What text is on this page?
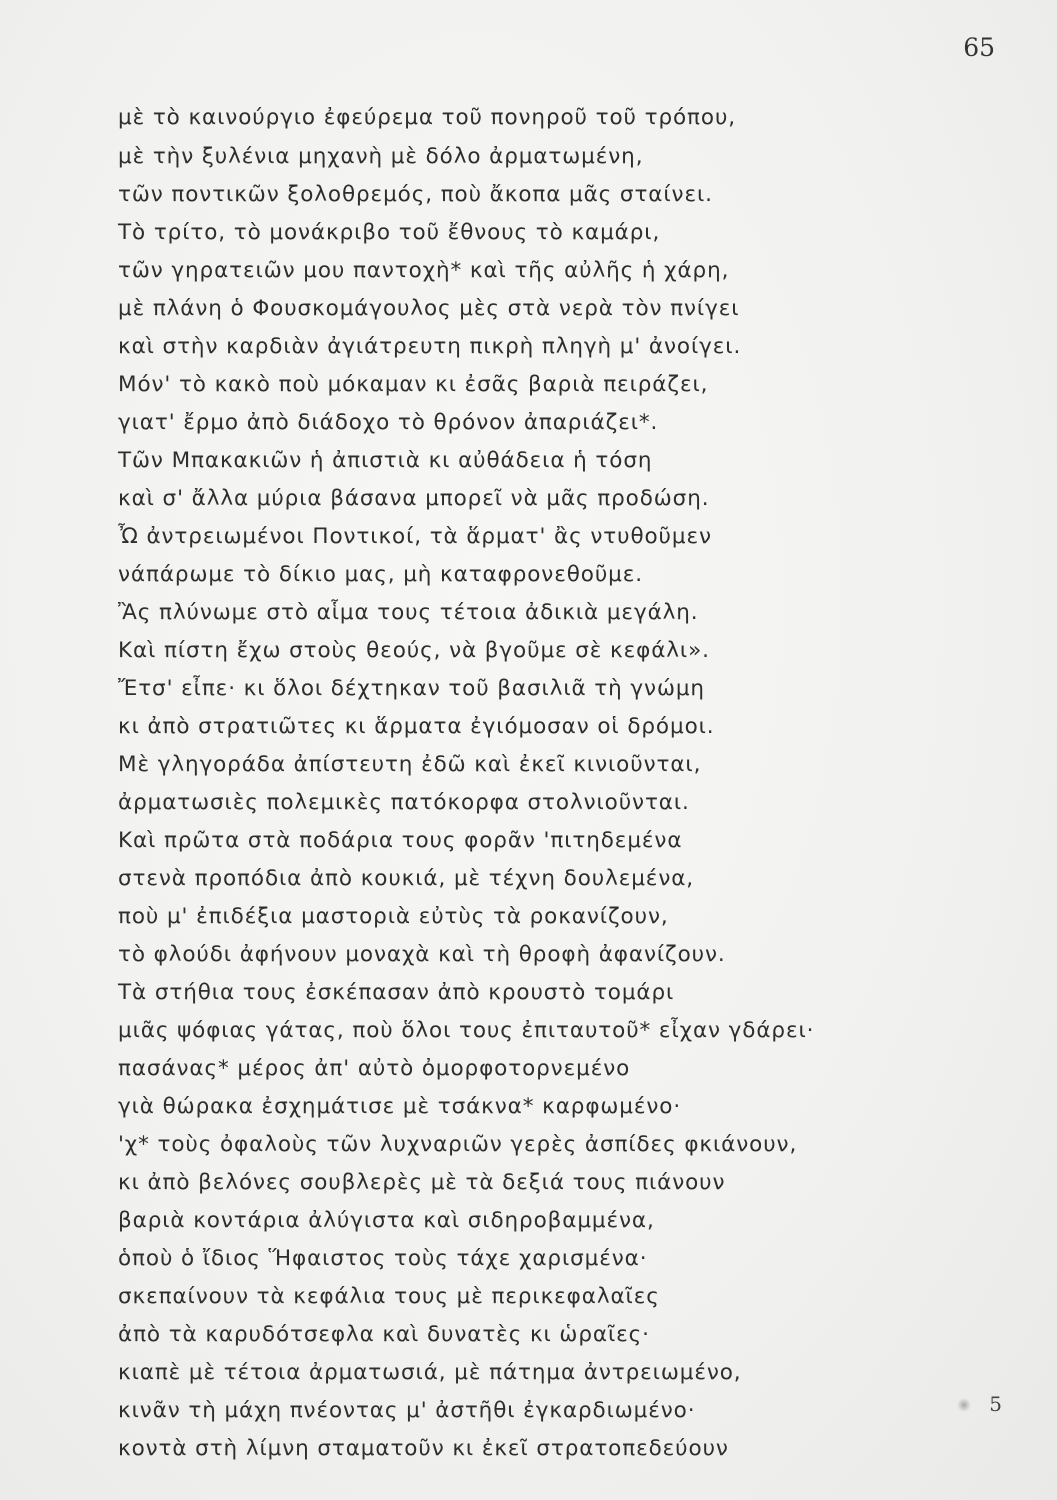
65
μὲ τὸ καινούργιο ἐφεύρεμα τοῦ πονηροῦ τοῦ τρόπου,
μὲ τὴν ξυλένια μηχανὴ μὲ δόλο ἀρματωμένη,
τῶν ποντικῶν ξολοθρεμός, ποὺ ἄκοπα μᾶς σταίνει.
Τὸ τρίτο, τὸ μονάκριβο τοῦ ἔθνους τὸ καμάρι,
τῶν γηρατειῶν μου παντοχὴ* καὶ τῆς αὐλῆς ἡ χάρη,
μὲ πλάνη ὁ Φουσκομάγουλος μὲς στὰ νερὰ τὸν πνίγει
καὶ στὴν καρδιὰν ἀγιάτρευτη πικρὴ πληγὴ μ' ἀνοίγει.
Μόν' τὸ κακὸ ποὺ μόκαμαν κι ἐσᾶς βαριὰ πειράζει,
γιατ' ἔρμο ἀπὸ διάδοχο τὸ θρόνον ἀπαριάζει*.
Τῶν Μπακακιῶν ἡ ἀπιστιὰ κι αὐθάδεια ἡ τόση
καὶ σ' ἄλλα μύρια βάσανα μπορεῖ νὰ μᾶς προδώση.
Ὦ ἀντρειωμένοι Ποντικοί, τὰ ἅρματ' ἂς ντυθοῦμεν
νάπάρωμε τὸ δίκιο μας, μὴ καταφρονεθοῦμε.
Ἂς πλύνωμε στὸ αἷμα τους τέτοια ἀδικιὰ μεγάλη.
Καὶ πίστη ἔχω στοὺς θεούς, νὰ βγοῦμε σὲ κεφάλι».
Ἔτσ' εἶπε· κι ὅλοι δέχτηκαν τοῦ βασιλιᾶ τὴ γνώμη
κι ἀπὸ στρατιῶτες κι ἅρματα ἐγιόμοσαν οἱ δρόμοι.
Μὲ γληγοράδα ἀπίστευτη ἐδῶ καὶ ἐκεῖ κινιοῦνται,
ἀρματωσιὲς πολεμικὲς πατόκορφα στολνιοῦνται.
Καὶ πρῶτα στὰ ποδάρια τους φορᾶν 'πιτηδεμένα
στενὰ προπόδια ἀπὸ κουκιά, μὲ τέχνη δουλεμένα,
ποὺ μ' ἐπιδέξια μαστοριὰ εὐτὺς τὰ ροκανίζουν,
τὸ φλούδι ἀφήνουν μοναχὰ καὶ τὴ θροφὴ ἀφανίζουν.
Τὰ στήθια τους ἐσκέπασαν ἀπὸ κρουστὸ τομάρι
μιᾶς ψόφιας γάτας, ποὺ ὅλοι τους ἐπιταυτοῦ* εἶχαν γδάρει·
πασάνας* μέρος ἀπ' αὐτὸ ὀμορφοτορνεμένο
γιὰ θώρακα ἐσχημάτισε μὲ τσάκνα* καρφωμένο·
'χ* τοὺς ὀφαλοὺς τῶν λυχναριῶν γερὲς ἀσπίδες φκιάνουν,
κι ἀπὸ βελόνες σουβλερὲς μὲ τὰ δεξιά τους πιάνουν
βαριὰ κοντάρια ἀλύγιστα καὶ σιδηροβαμμένα,
ὁποὺ ὁ ἴδιος Ἥφαιστος τοὺς τάχε χαρισμένα·
σκεπαίνουν τὰ κεφάλια τους μὲ περικεφαλαῖες
ἀπὸ τὰ καρυδότσεφλα καὶ δυνατὲς κι ὡραῖες·
κιαπὲ μὲ τέτοια ἀρματωσιά, μὲ πάτημα ἀντρειωμένο,
κινᾶν τὴ μάχη πνέοντας μ' ἀστῆθι ἐγκαρδιωμένο·
κοντὰ στὴ λίμνη σταματοῦν κι ἐκεῖ στρατοπεδεύουν
5
